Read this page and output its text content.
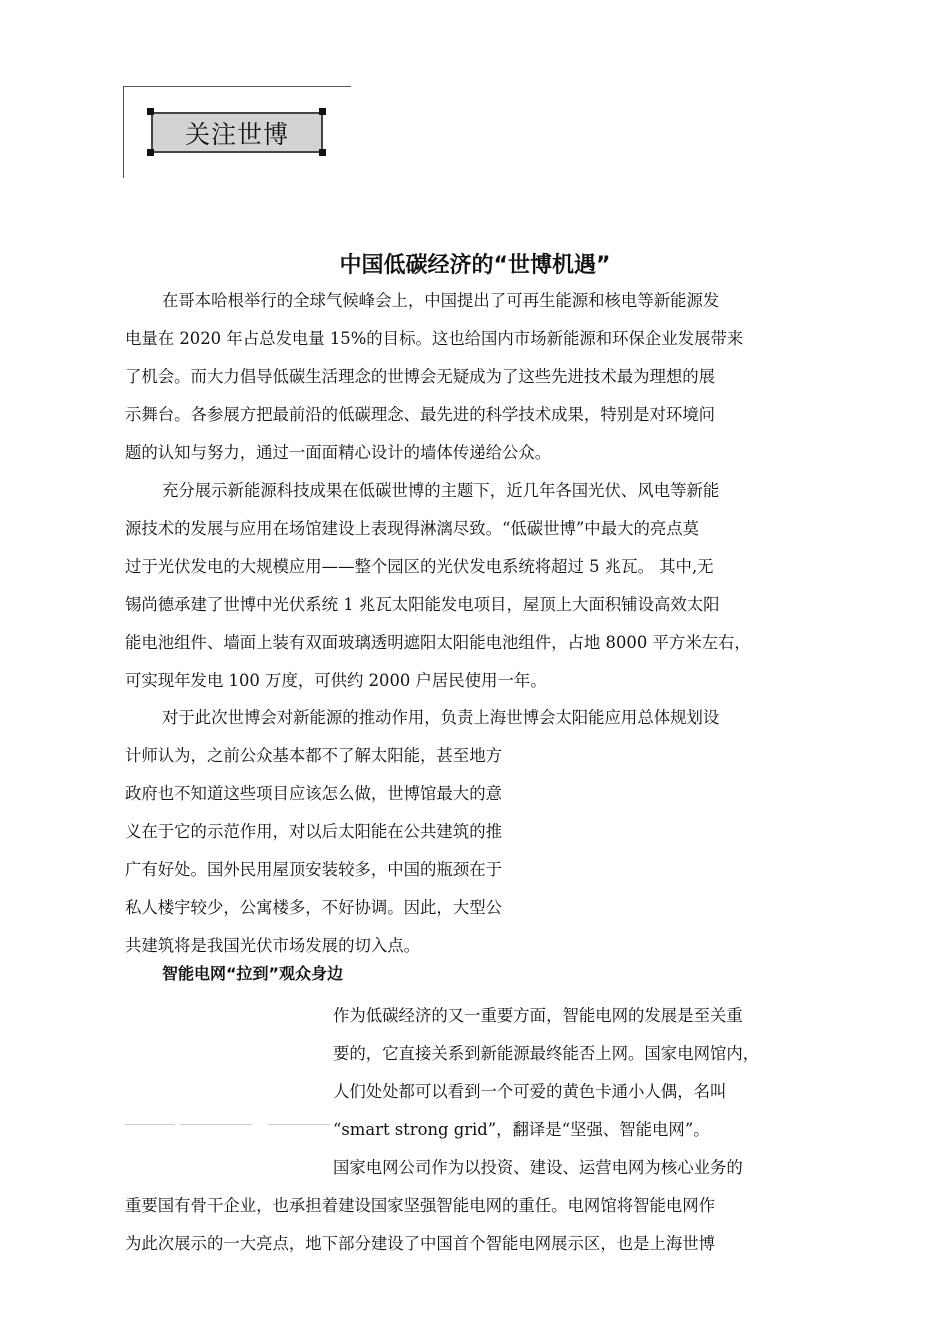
关注世博
中国低碳经济的“世博机遇”
在哥本哈根举行的全球气候峰会上，中国提出了可再生能源和核电等新能源发
电量在 2020 年占总发电量 15%的目标。这也给国内市场新能源和环保企业发展带来
了机会。而大力倡导低碳生活理念的世博会无疑成为了这些先进技术最为理想的展
示舞台。各参展方把最前沿的低碳理念、最先进的科学技术成果，特别是对环境问
题的认知与努力，通过一面面精心设计的墙体传递给公众。
充分展示新能源科技成果在低碳世博的主题下，近几年各国光伏、风电等新能
源技术的发展与应用在场馆建设上表现得淋漓尽致。“低碳世博”中最大的亮点莫
过于光伏发电的大规模应用——整个园区的光伏发电系统将超过 5 兆瓦。 其中,无
锡尚德承建了世博中光伏系统 1 兆瓦太阳能发电项目，屋顶上大面积铺设高效太阳
能电池组件、墙面上装有双面玻璃透明遮阳太阳能电池组件，占地 8000 平方米左右，
可实现年发电 100 万度，可供约 2000 户居民使用一年。
对于此次世博会对新能源的推动作用，负责上海世博会太阳能应用总体规划设
计师认为，之前公众基本都不了解太阳能，甚至地方
政府也不知道这些项目应该怎么做，世博馆最大的意
义在于它的示范作用，对以后太阳能在公共建筑的推
广有好处。国外民用屋顶安装较多，中国的瓶颈在于
私人楼宇较少，公寓楼多，不好协调。因此，大型公
共建筑将是我国光伏市场发展的切入点。
智能电网“拉到”观众身边
作为低碳经济的又一重要方面，智能电网的发展是至关重
要的，它直接关系到新能源最终能否上网。国家电网馆内，
人们处处都可以看到一个可爱的黄色卡通小人偶，名叫
“smart strong grid”，翻译是“坚强、智能电网”。
国家电网公司作为以投资、建设、运营电网为核心业务的
重要国有骨干企业，也承担着建设国家坚强智能电网的重任。电网馆将智能电网作
为此次展示的一大亮点，地下部分建设了中国首个智能电网展示区，也是上海世博
